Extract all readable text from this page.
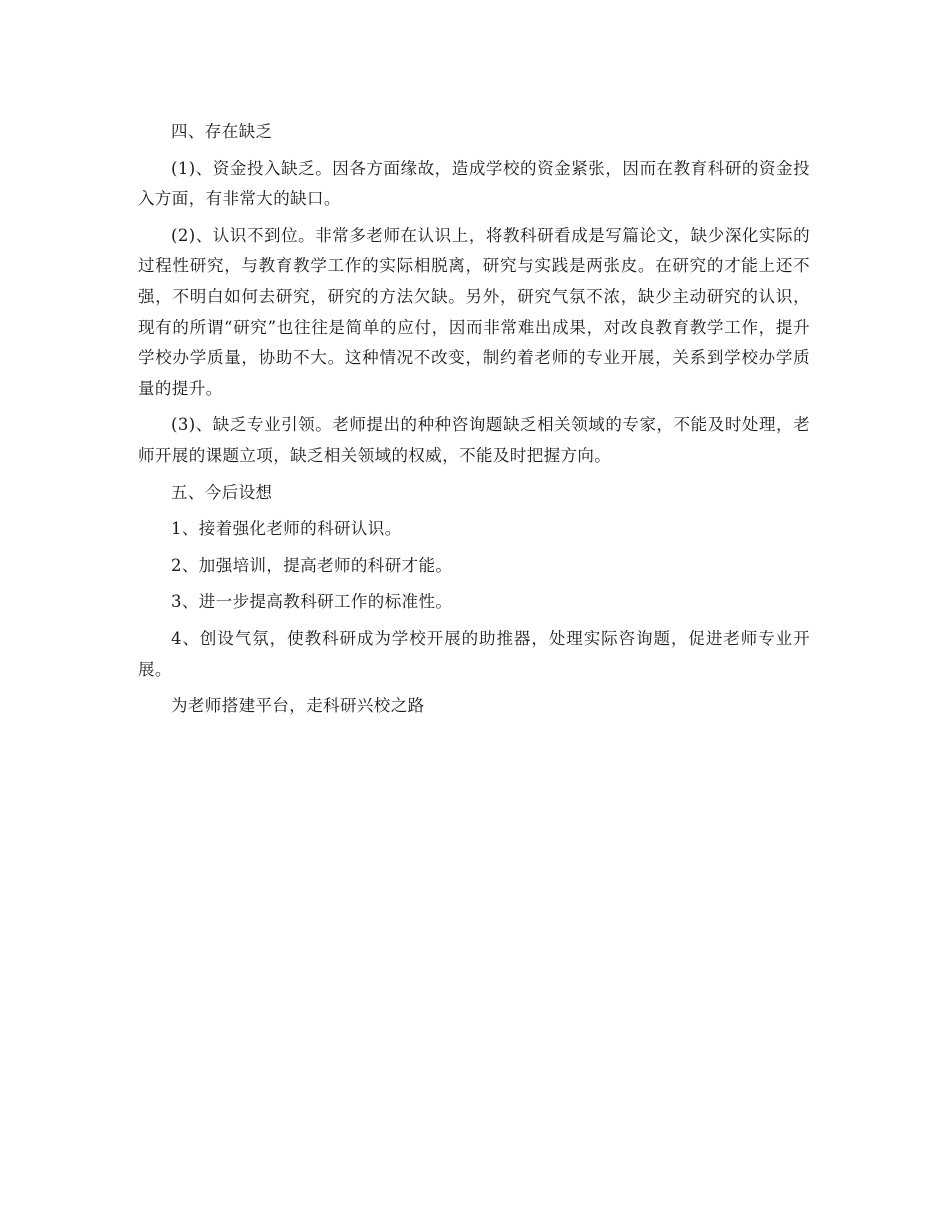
四、存在缺乏

(1)、资金投入缺乏。因各方面缘故，造成学校的资金紧张，因而在教育科研的资金投入方面，有非常大的缺口。

(2)、认识不到位。非常多老师在认识上，将教科研看成是写篇论文，缺少深化实际的过程性研究，与教育教学工作的实际相脱离，研究与实践是两张皮。在研究的才能上还不强，不明白如何去研究，研究的方法欠缺。另外，研究气氛不浓，缺少主动研究的认识，现有的所谓“研究”也往往是简单的应付，因而非常难出成果，对改良教育教学工作，提升学校办学质量，协助不大。这种情况不改变，制约着老师的专业开展，关系到学校办学质量的提升。

(3)、缺乏专业引领。老师提出的种种咨询题缺乏相关领域的专家，不能及时处理，老师开展的课题立项，缺乏相关领域的权威，不能及时把握方向。

五、今后设想

1、接着强化老师的科研认识。

2、加强培训，提高老师的科研才能。

3、进一步提高教科研工作的标准性。

4、创设气氛，使教科研成为学校开展的助推器，处理实际咨询题，促进老师专业开展。

为老师搭建平台，走科研兴校之路
